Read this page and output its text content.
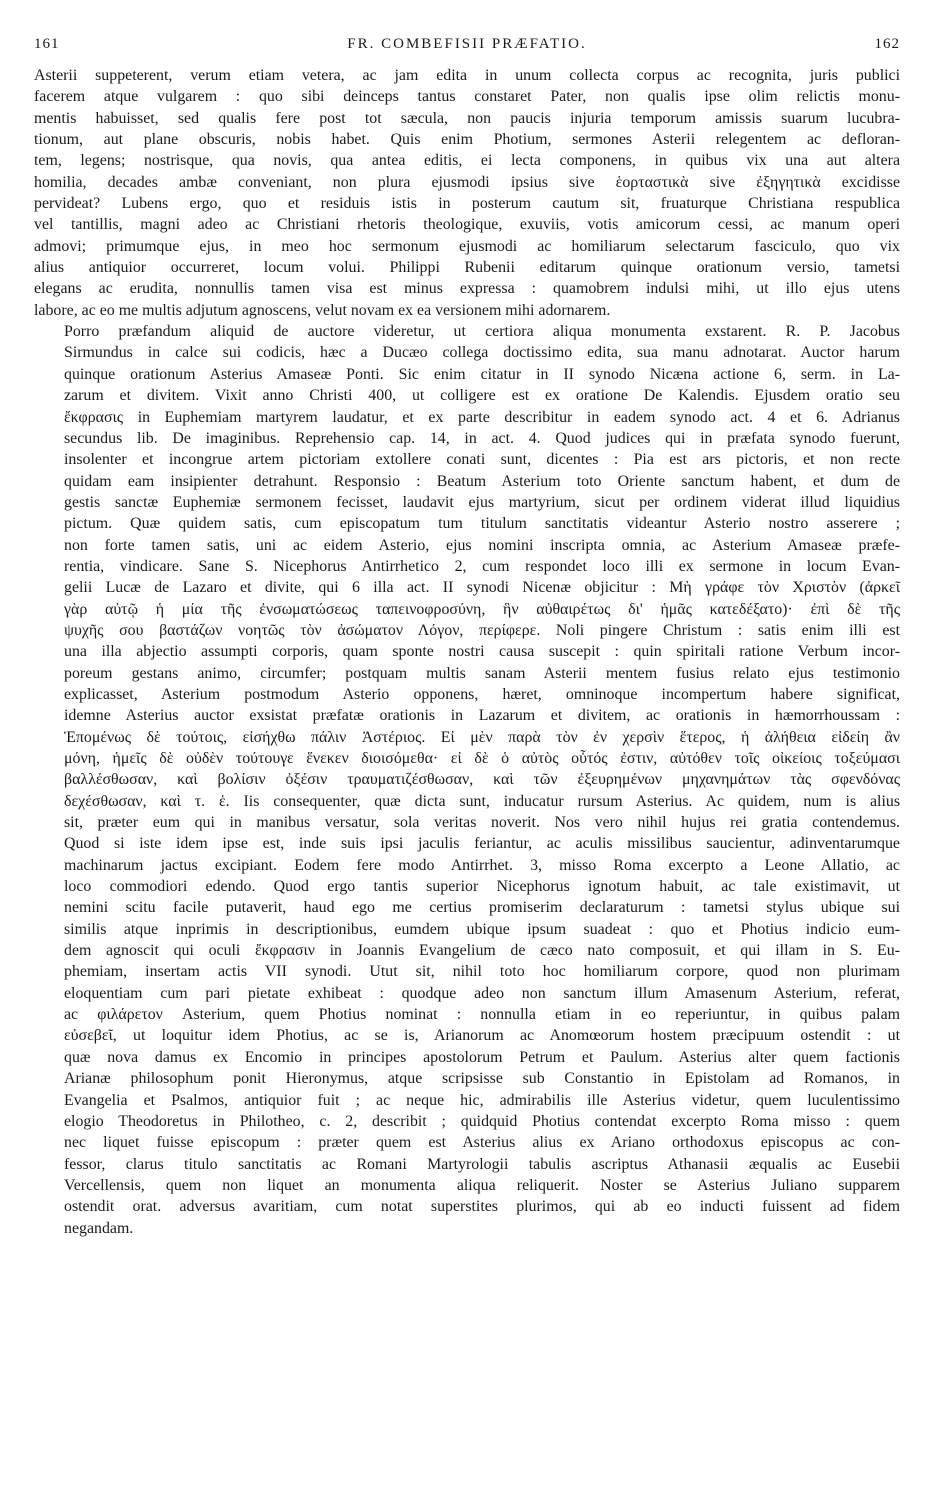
161	FR. COMBEFISII PRÆFATIO.	162
Asterii suppeterent, verum etiam vetera, ac jam edita in unum collecta corpus ac recognita, juris publici
facerem atque vulgarem : quo sibi deinceps tantus constaret Pater, non qualis ipse olim relictis monu-
mentis habuisset, sed qualis fere post tot sæcula, non paucis injuria temporum amissis suarum lucubra-
tionum, aut plane obscuris, nobis habet. Quis enim Photium, sermones Asterii relegentem ac defloran-
tem, legens; nostrisque, qua novis, qua antea editis, ei lecta componens, in quibus vix una aut altera
homilia, decades ambæ conveniant, non plura ejusmodi ipsius sive ἑορταστικὰ sive ἐξηγητικὰ excidisse
pervideat? Lubens ergo, quo et residuis istis in posterum cautum sit, fruaturque Christiana respublica
vel tantillis, magni adeo ac Christiani rhetoris theologique, exuviis, votis amicorum cessi, ac manum operi
admovi; primumque ejus, in meo hoc sermonum ejusmodi ac homiliarum selectarum fasciculo, quo vix
alius antiquior occurreret, locum volui. Philippi Rubenii editarum quinque orationum versio, tametsi
elegans ac erudita, nonnullis tamen visa est minus expressa : quamobrem indulsi mihi, ut illo ejus utens
labore, ac eo me multis adjutum agnoscens, velut novam ex ea versionem mihi adornarem.
Porro præfandum aliquid de auctore videretur, ut certiora aliqua monumenta exstarent. R. P. Jacobus
Sirmundus in calce sui codicis, hæc a Ducæo collega doctissimo edita, sua manu adnotarat. Auctor harum
quinque orationum Asterius Amaseæ Ponti. Sic enim citatur in II synodo Nicæna actione 6, serm. in La-
zarum et divitem. Vixit anno Christi 400, ut colligere est ex oratione De Kalendis. Ejusdem oratio seu
ἔκφρασις in Euphemiam martyrem laudatur, et ex parte describitur in eadem synodo act. 4 et 6. Adrianus
secundus lib. De imaginibus. Reprehensio cap. 14, in act. 4. Quod judices qui in præfata synodo fuerunt,
insolenter et incongrue artem pictoriam extollere conati sunt, dicentes : Pia est ars pictoris, et non recte
quidam eam insipienter detrahunt. Responsio : Beatum Asterium toto Oriente sanctum habent, et dum de
gestis sanctæ Euphemiæ sermonem fecisset, laudavit ejus martyrium, sicut per ordinem viderat illud liquidius
pictum. Quæ quidem satis, cum episcopatum tum titulum sanctitatis videantur Asterio nostro asserere ;
non forte tamen satis, uni ac eidem Asterio, ejus nomini inscripta omnia, ac Asterium Amaseæ præfe-
rentia, vindicare. Sane S. Nicephorus Antirrhetico 2, cum respondet loco illi ex sermone in locum Evan-
gelii Lucæ de Lazaro et divite, qui 6 illa act. II synodi Nicenæ objicitur : Μὴ γράφε τὸν Χριστὸν (ἀρκεῖ
γὰρ αὐτῷ ἡ μία τῆς ἐνσωματώσεως ταπεινοφροσύνη, ἣν αὐθαιρέτως δι' ἡμᾶς κατεδέξατο)· ἐπὶ δὲ τῆς
ψυχῆς σου βαστάζων νοητῶς τὸν ἀσώματον Λόγον, περίφερε. Noli pingere Christum : satis enim illi est
una illa abjectio assumpti corporis, quam sponte nostri causa suscepit : quin spiritali ratione Verbum incor-
poreum gestans animo, circumfer; postquam multis sanam Asterii mentem fusius relato ejus testimonio
explicasset, Asterium postmodum Asterio opponens, hæret, omninoque incompertum habere significat,
idemne Asterius auctor exsistat præfatæ orationis in Lazarum et divitem, ac orationis in hæmorrhoussam :
Ἑπομένως δὲ τούτοις, εἰσήχθω πάλιν Ἀστέριος. Εἰ μὲν παρὰ τὸν ἐν χερσὶν ἕτερος, ἡ ἀλήθεια εἰδείη ἂν
μόνη, ἡμεῖς δὲ οὐδὲν τούτουγε ἕνεκεν διοισόμεθα· εἰ δὲ ὁ αὐτὸς οὗτός ἐστιν, αὐτόθεν τοῖς οἰκείοις τοξεύμασι
βαλλέσθωσαν, καὶ βολίσιν ὀξέσιν τραυματιζέσθωσαν, καὶ τῶν ἐξευρημένων μηχανημάτων τὰς σφενδόνας
δεχέσθωσαν, καὶ τ. ἑ. Iis consequenter, quæ dicta sunt, inducatur rursum Asterius. Ac quidem, num is alius
sit, præter eum qui in manibus versatur, sola veritas noverit. Nos vero nihil hujus rei gratia contendemus.
Quod si iste idem ipse est, inde suis ipsi jaculis feriantur, ac aculis missilibus saucientur, adinventarumque
machinarum jactus excipiant. Eodem fere modo Antirrhet. 3, misso Roma excerpto a Leone Allatio, ac
loco commodiori edendo. Quod ergo tantis superior Nicephorus ignotum habuit, ac tale existimavit, ut
nemini scitu facile putaverit, haud ego me certius promiserim declaraturum : tametsi stylus ubique sui
similis atque inprimis in descriptionibus, eumdem ubique ipsum suadeat : quo et Photius indicio eum-
dem agnoscit qui oculi ἔκφρασιν in Joannis Evangelium de cæco nato composuit, et qui illam in S. Eu-
phemiam, insertam actis VII synodi. Utut sit, nihil toto hoc homiliarum corpore, quod non plurimam
eloquentiam cum pari pietate exhibeat : quodque adeo non sanctum illum Amasenum Asterium, referat,
ac φιλάρετον Asterium, quem Photius nominat : nonnulla etiam in eo reperiuntur, in quibus palam
εὐσεβεῖ, ut loquitur idem Photius, ac se is, Arianorum ac Anomœorum hostem præcipuum ostendit : ut
quæ nova damus ex Encomio in principes apostolorum Petrum et Paulum. Asterius alter quem factionis
Arianæ philosophum ponit Hieronymus, atque scripsisse sub Constantio in Epistolam ad Romanos, in
Evangelia et Psalmos, antiquior fuit ; ac neque hic, admirabilis ille Asterius videtur, quem luculentissimo
elogio Theodoretus in Philotheo, c. 2, describit ; quidquid Photius contendat excerpto Roma misso : quem
nec liquet fuisse episcopum : præter quem est Asterius alius ex Ariano orthodoxus episcopus ac con-
fessor, clarus titulo sanctitatis ac Romani Martyrologii tabulis ascriptus Athanasii æqualis ac Eusebii
Vercellensis, quem non liquet an monumenta aliqua reliquerit. Noster se Asterius Juliano supparem
ostendit orat. adversus avaritiam, cum notat superstites plurimos, qui ab eo inducti fuissent ad fidem
negandam.
